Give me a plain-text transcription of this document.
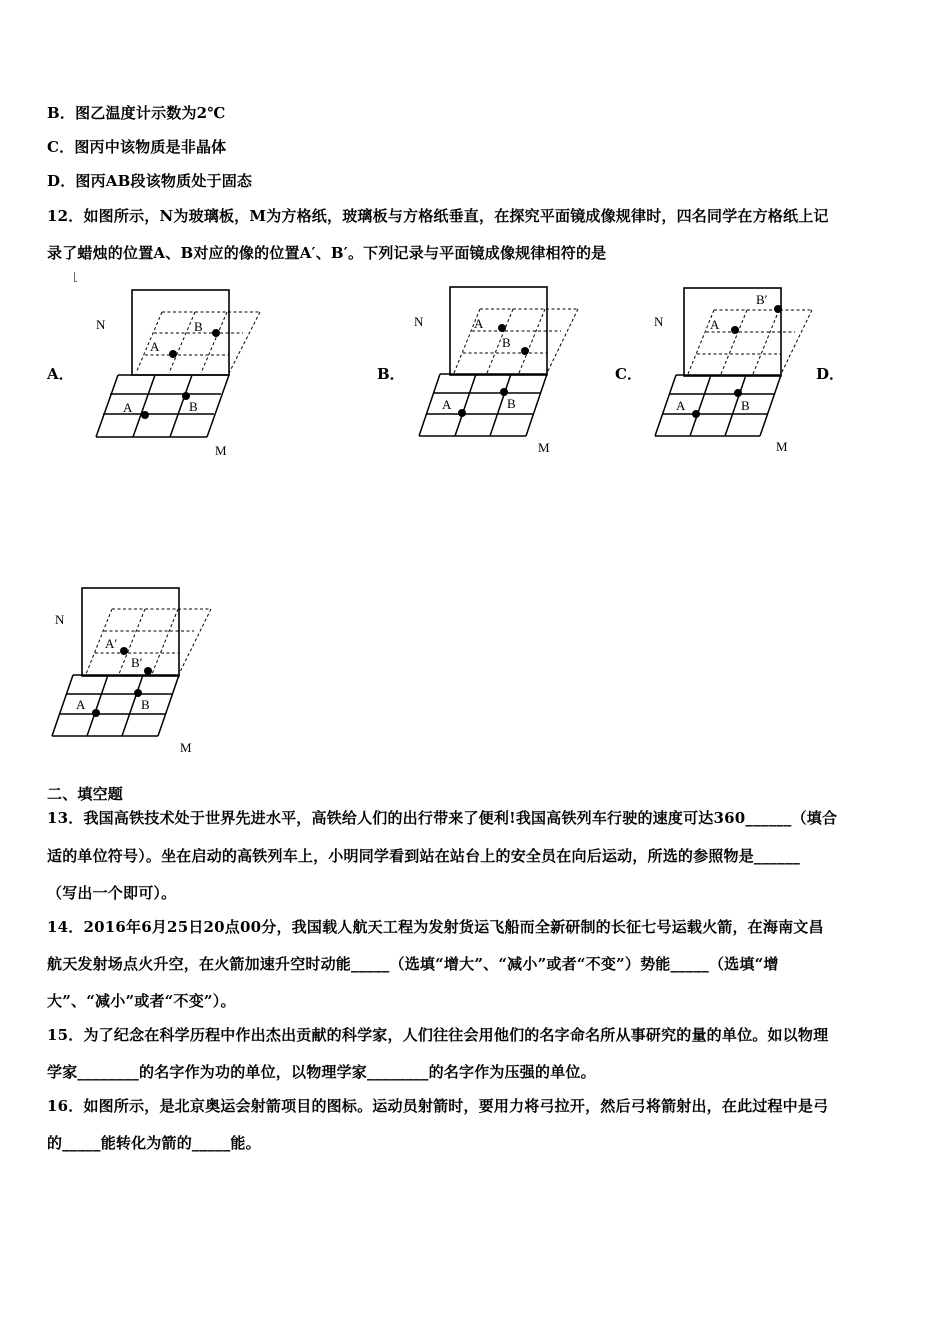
B．图乙温度计示数为2℃
C．图丙中该物质是非晶体
D．图丙AB段该物质处于固态
12．如图所示，N为玻璃板，M为方格纸，玻璃板与方格纸垂直，在探究平面镜成像规律时，四名同学在方格纸上记
录了蜡烛的位置A、B对应的像的位置A′、B′。下列记录与平面镜成像规律相符的是
A．	B．	C．	D．
N
M
B
A
B
A
N
M
A
B
B
A
N
M
B′
A
B
A
N
M
A′
B′
B
A
二、填空题
13．我国高铁技术处于世界先进水平，高铁给人们的出行带来了便利!我国高铁列车行驶的速度可达360______（填合
适的单位符号）。坐在启动的高铁列车上，小明同学看到站在站台上的安全员在向后运动，所选的参照物是______
（写出一个即可）。
14．2016年6月25日20点00分，我国载人航天工程为发射货运飞船而全新研制的长征七号运载火箭，在海南文昌
航天发射场点火升空，在火箭加速升空时动能_____（选填“增大”、“减小”或者“不变”）势能_____（选填“增
大”、“减小”或者“不变”）。
15．为了纪念在科学历程中作出杰出贡献的科学家，人们往往会用他们的名字命名所从事研究的量的单位。如以物理
学家________的名字作为功的单位，以物理学家________的名字作为压强的单位。
16．如图所示，是北京奥运会射箭项目的图标。运动员射箭时，要用力将弓拉开，然后弓将箭射出，在此过程中是弓
的_____能转化为箭的_____能。
